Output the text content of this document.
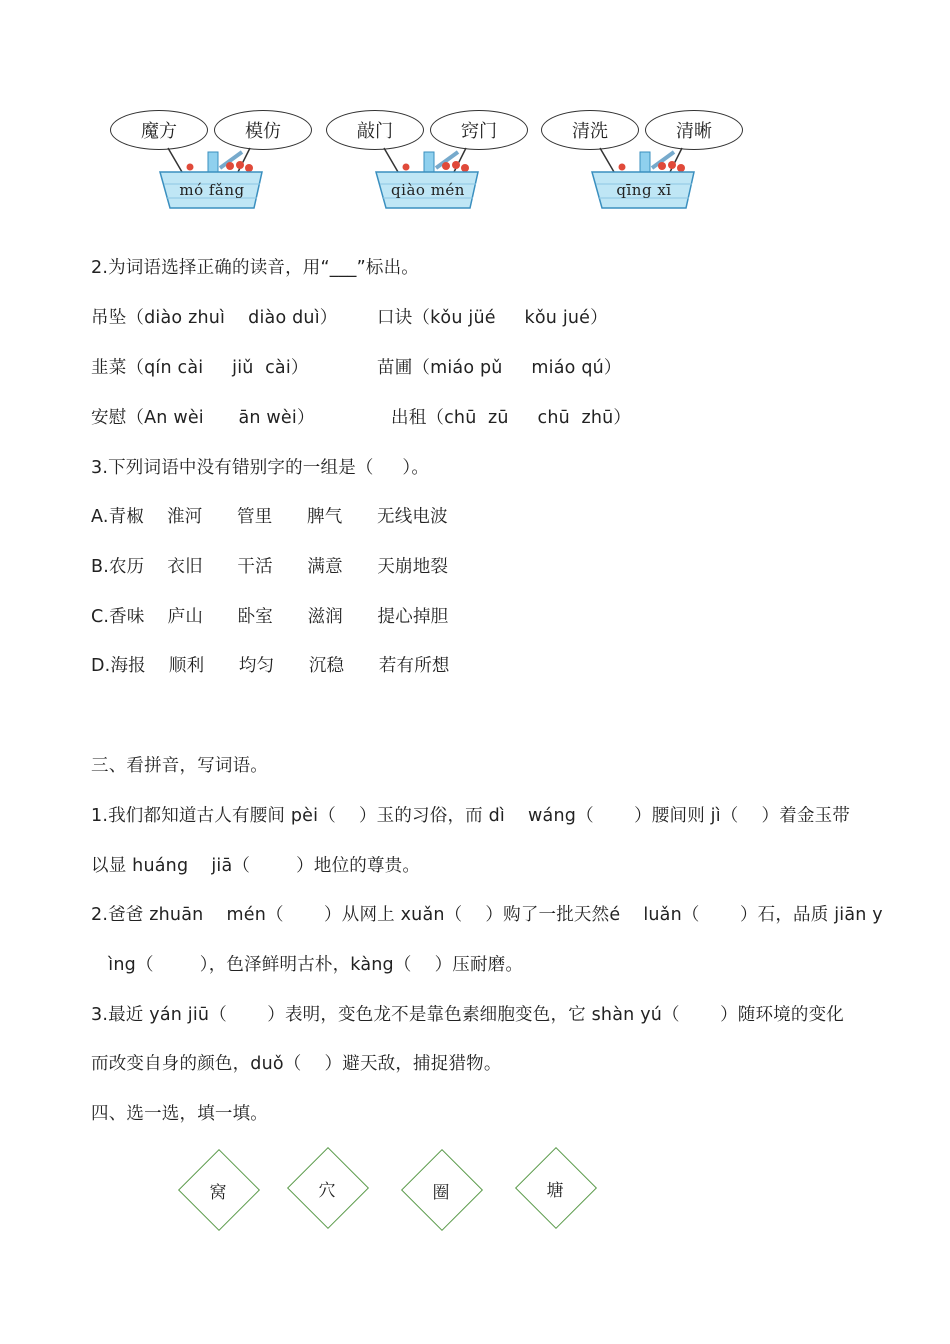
魔方	模仿
mó fǎng
敲门	窍门
qiào mén
清洗	清晰
qīng xī
2.为词语选择正确的读音，用“___”标出。
吊坠（diào zhuì    diào duì） 口诀（kǒu jüé     kǒu jué）
韭菜（qín cài     jiǔ  cài）	苗圃（miáo pǔ     miáo qú）
安慰（An wèi      ān wèi）	出租（chū  zū     chū  zhū）
3.下列词语中没有错别字的一组是（     ）。
A.青椒    淮河      管里      脾气      无线电波
B.农历    衣旧      干活      满意      天崩地裂
C.香味    庐山      卧室      滋润      提心掉胆
D.海报    顺利      均匀      沉稳      若有所想
三、看拼音，写词语。
1.我们都知道古人有腰间 pèi（    ）玉的习俗，而 dì    wáng（       ）腰间则 jì（    ）着金玉带
以显 huáng    jiā（        ）地位的尊贵。
2.爸爸 zhuān    mén（       ）从网上 xuǎn（    ）购了一批天然é    luǎn（       ）石，品质 jiān y
ìng（        ），色泽鲜明古朴，kàng（    ）压耐磨。
3.最近 yán jiū（       ）表明，变色龙不是靠色素细胞变色，它 shàn yú（       ）随环境的变化
而改变自身的颜色，duǒ（    ）避天敌，捕捉猎物。
四、选一选，填一填。
窝	穴	圈	塘
